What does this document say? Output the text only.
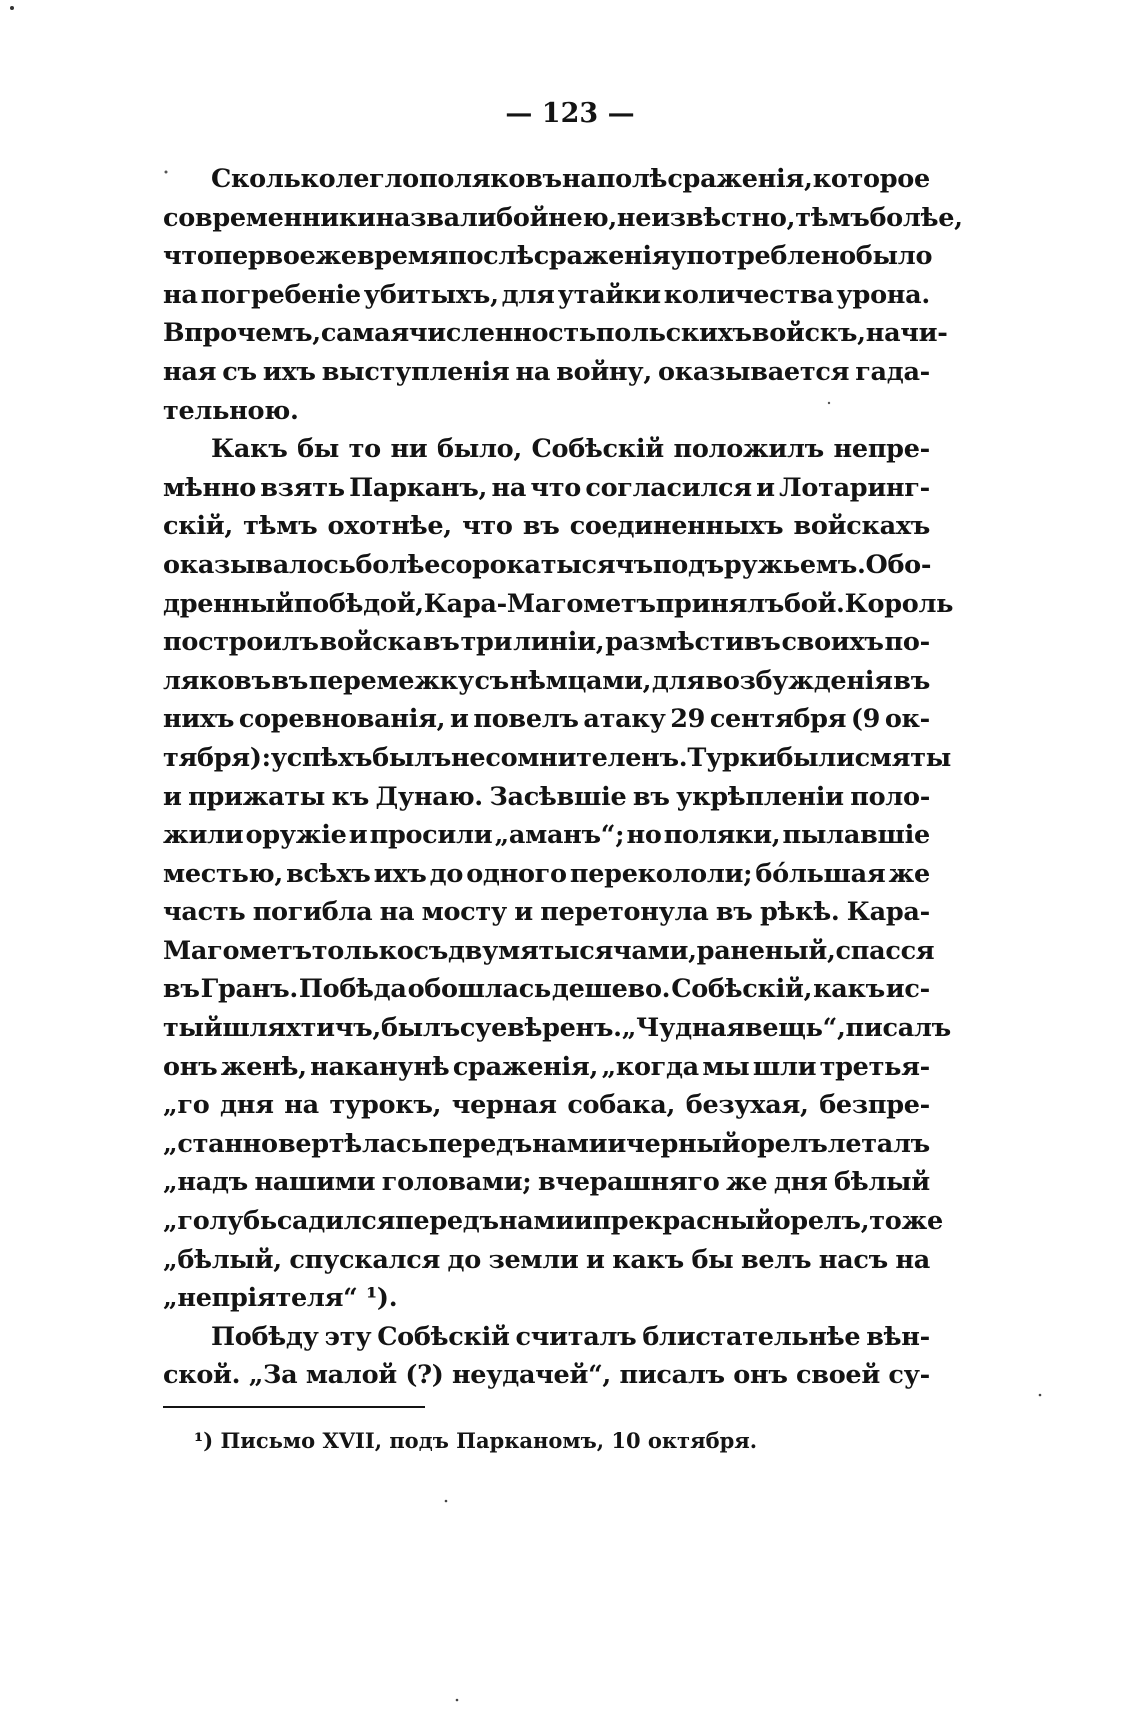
— 123 —
Сколько легло поляковъ на полѣ сраженія, которое
современники назвали бойнею, неизвѣстно, тѣмъ болѣе,
что первое же время послѣ сраженія употреблено было
на погребеніе убитыхъ, для утайки количества урона.
Впрочемъ, самая численность польскихъ войскъ, начи-
ная съ ихъ выступленія на войну, оказывается гада-
тельною.
Какъ бы то ни было, Собѣскій положилъ непре-
мѣнно взять Парканъ, на что согласился и Лотаринг-
скій, тѣмъ охотнѣе, что въ соединенныхъ войскахъ
оказывалось болѣе сорока тысячъ подъ ружьемъ. Обо-
дренный побѣдой, Кара-Магометъ принялъ бой. Король
построилъ войска въ три линіи, размѣстивъ своихъ по-
ляковъ въ перемежку съ нѣмцами, для возбужденія въ
нихъ соревнованія, и повелъ атаку 29 сентября (9 ок-
тября): успѣхъ былъ не сомнителенъ. Турки были смяты
и прижаты къ Дунаю. Засѣвшіе въ укрѣпленіи поло-
жили оружіе и просили „аманъ“; но поляки, пылавшіе
местью, всѣхъ ихъ до одного перекололи; бо́льшая же
часть погибла на мосту и перетонула въ рѣкѣ. Кара-
Магометъ только съ двумя тысячами, раненый, спасся
въ Гранъ. Побѣда обошлась дешево. Собѣскій, какъ ис-
тый шляхтичъ, былъ суевѣренъ. „Чудная вещь“, писалъ
онъ женѣ, наканунѣ сраженія, „когда мы шли третья-
„го дня на турокъ, черная собака, безухая, безпре-
„станно вертѣлась передъ нами и черный орелъ леталъ
„надъ нашими головами; вчерашняго же дня бѣлый
„голубь садился передъ нами и прекрасный орелъ, тоже
„бѣлый, спускался до земли и какъ бы велъ насъ на
„непріятеля“ ¹).
Побѣду эту Собѣскій считалъ блистательнѣе вѣн-
ской. „За малой (?) неудачей“, писалъ онъ своей су-
¹) Письмо XVII, подъ Парканомъ, 10 октября.
